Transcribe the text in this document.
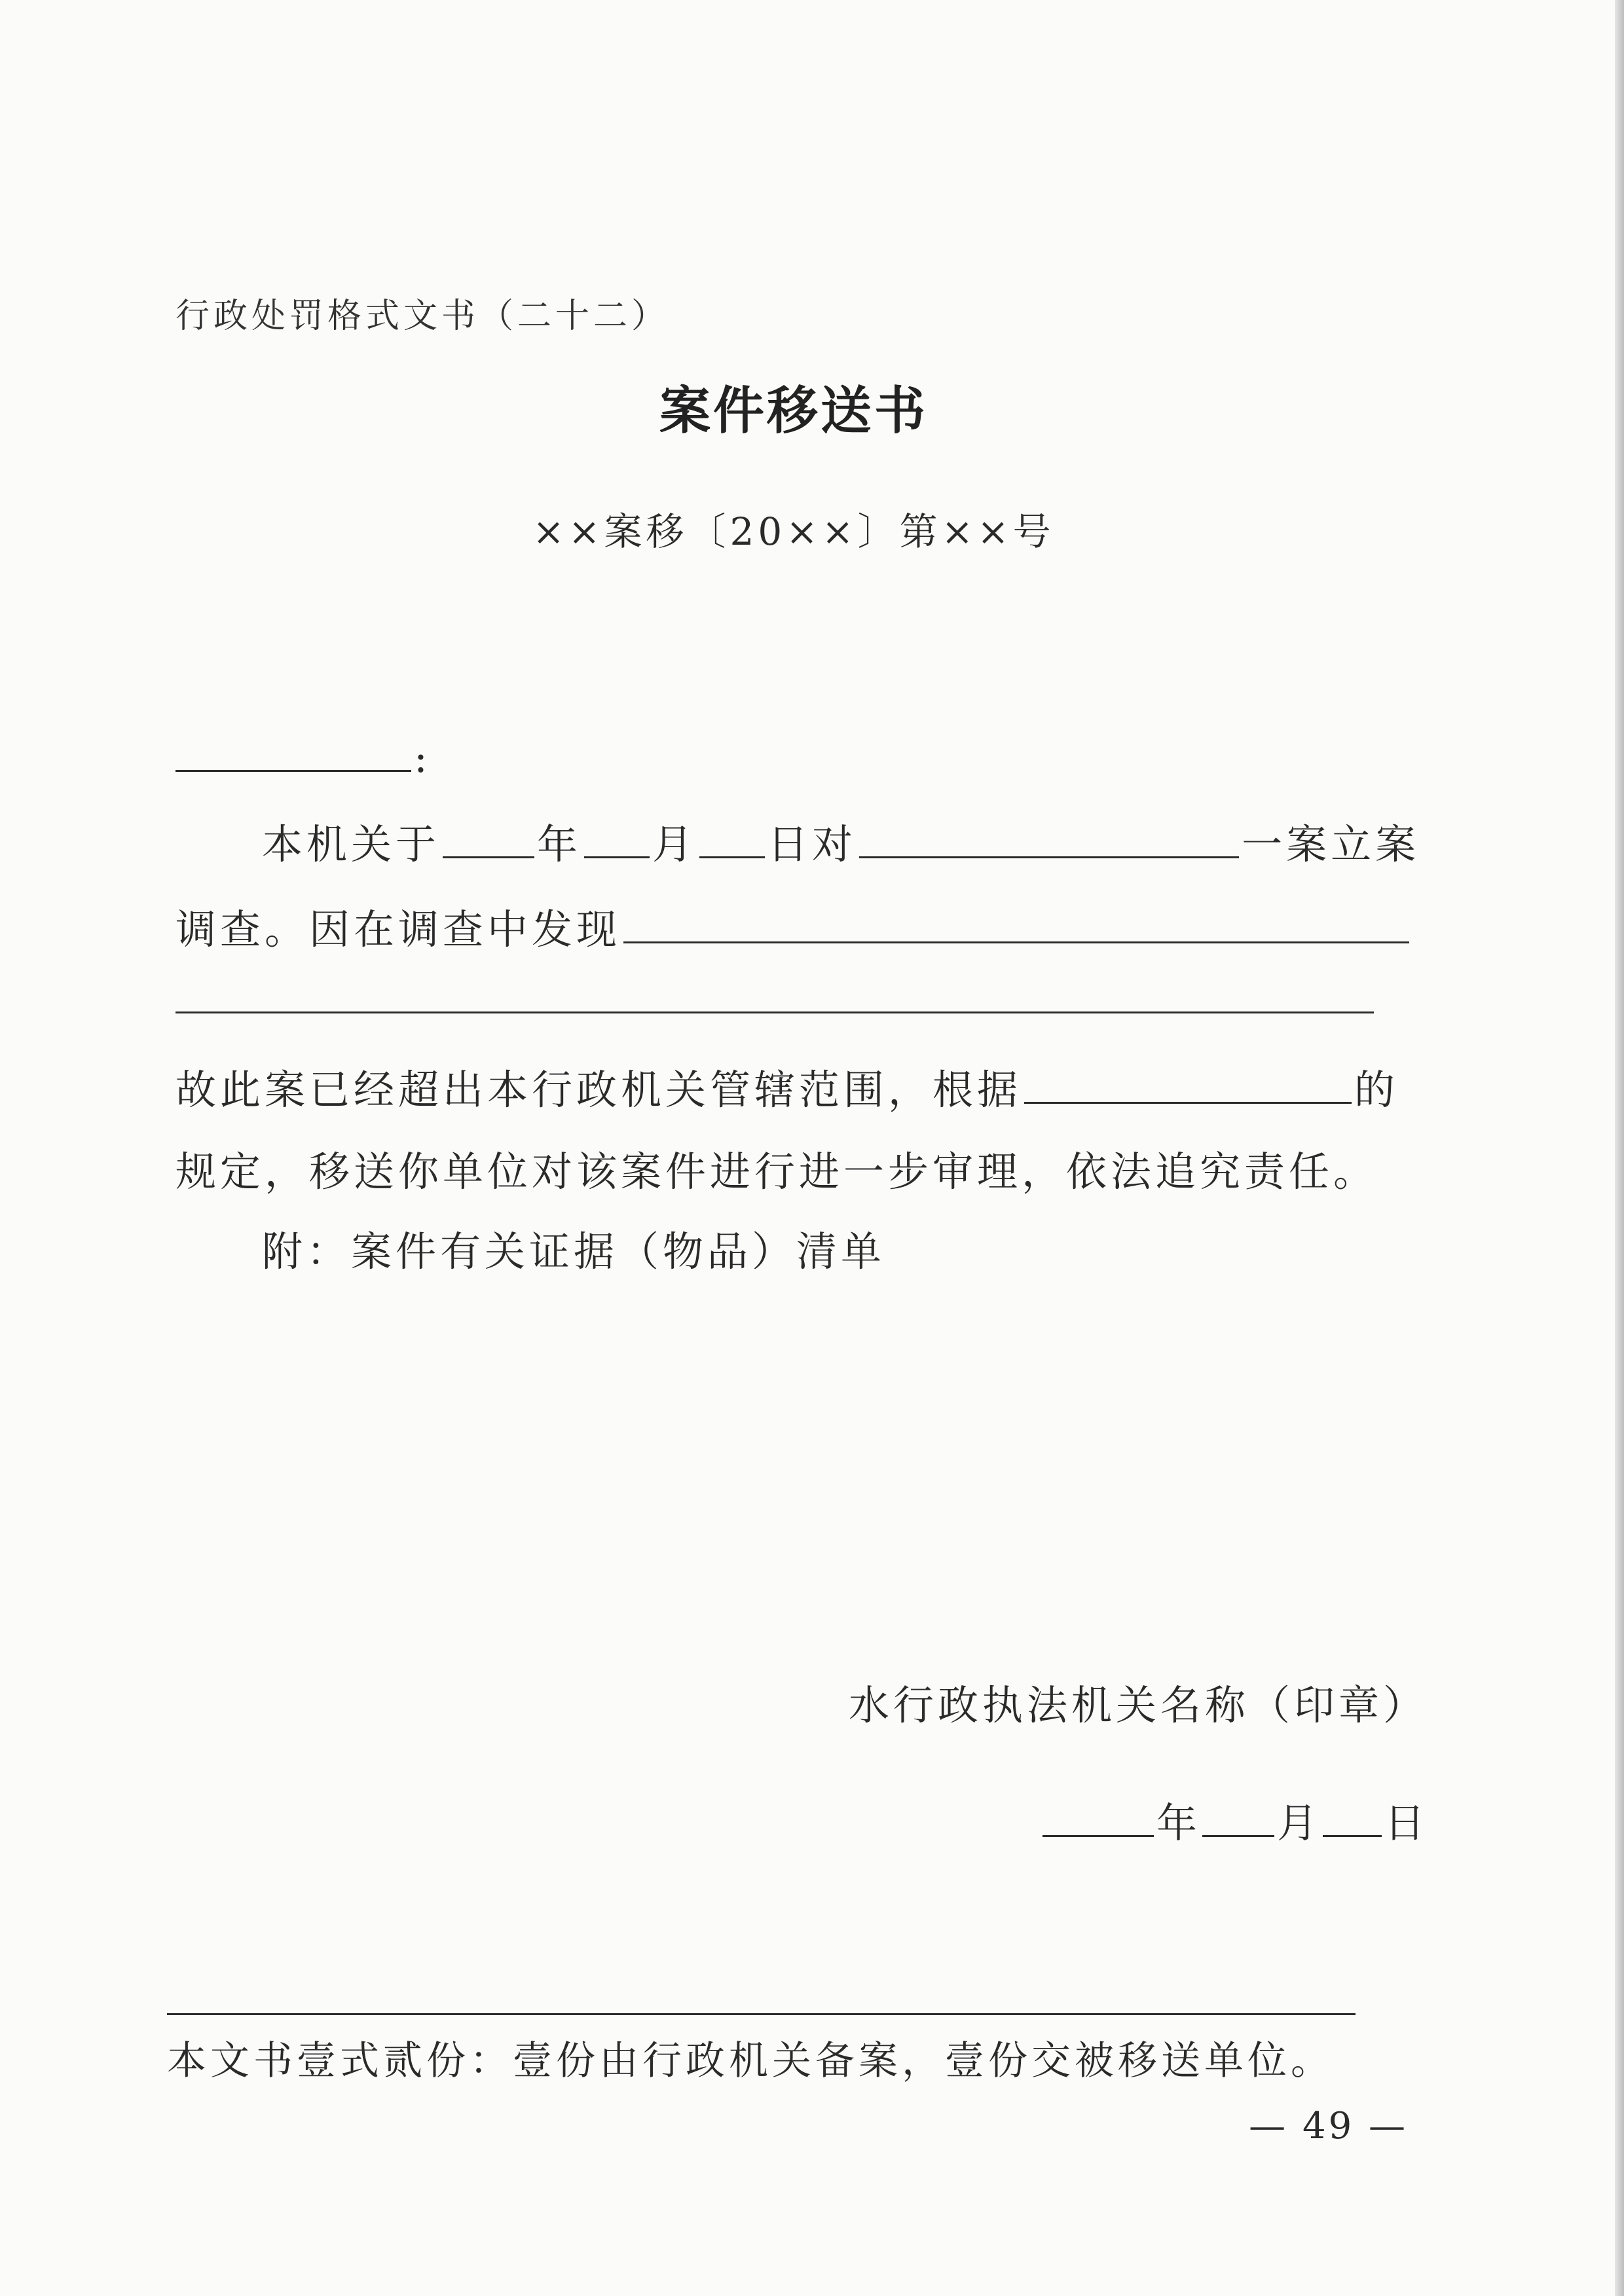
行政处罚格式文书（二十二）
案件移送书
××案移〔20××〕第××号
:
本机关于 年 月 日对	一案立案
调查。因在调查中发现
故此案已经超出本行政机关管辖范围，根据	的
规定，移送你单位对该案件进行进一步审理，依法追究责任。
附：案件有关证据（物品）清单
水行政执法机关名称（印章）
年 月 日
本文书壹式贰份：壹份由行政机关备案，壹份交被移送单位。
— 49 —
